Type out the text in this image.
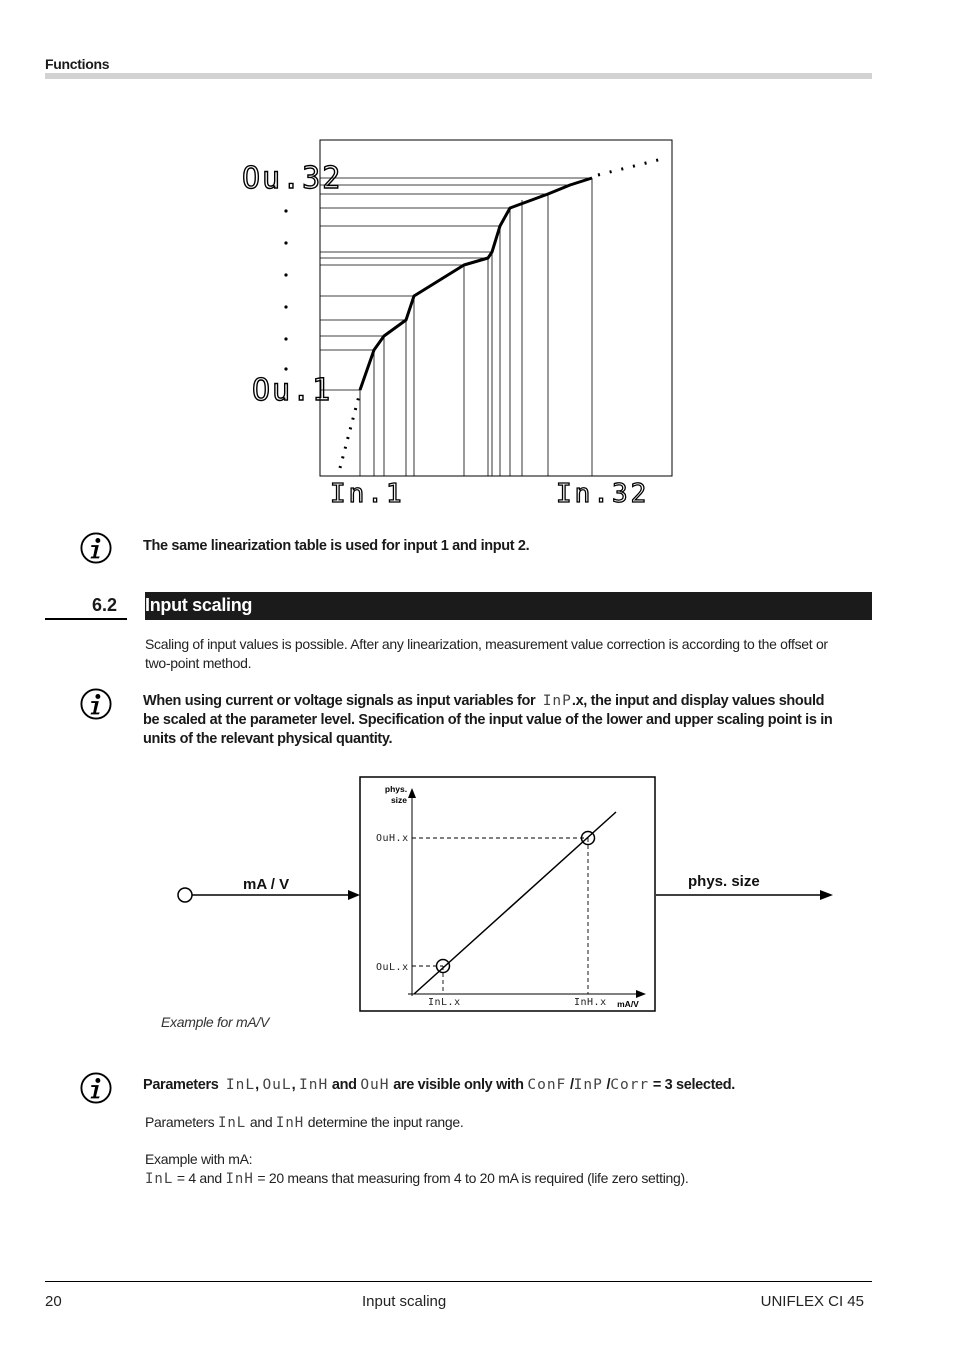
Functions
Ou.32
Ou.1
In.1	In.32
The same linearization table is used for input 1 and input 2.
6.2 Input scaling
Scaling of input values is possible. After any linearization, measurement value correction is according to the offset or
two-point method.
When using current or voltage signals as input variables for InP.x, the input and display values should
be scaled at the parameter level. Specification of the input value of the lower and upper scaling point is in
units of the relevant physical quantity.
mA / V
phys.
size
mA/V
OuH.x
OuL.x
InL.x	InH.x
phys. size
Example for mA/V
Parameters InL, OuL, InH and OuH are visible only with ConF /InP /Corr = 3 selected.
Parameters InL and InH determine the input range.
Example with mA:
InL = 4 and InH = 20 means that measuring from 4 to 20 mA is required (life zero setting).
20	Input scaling	UNIFLEX CI 45
